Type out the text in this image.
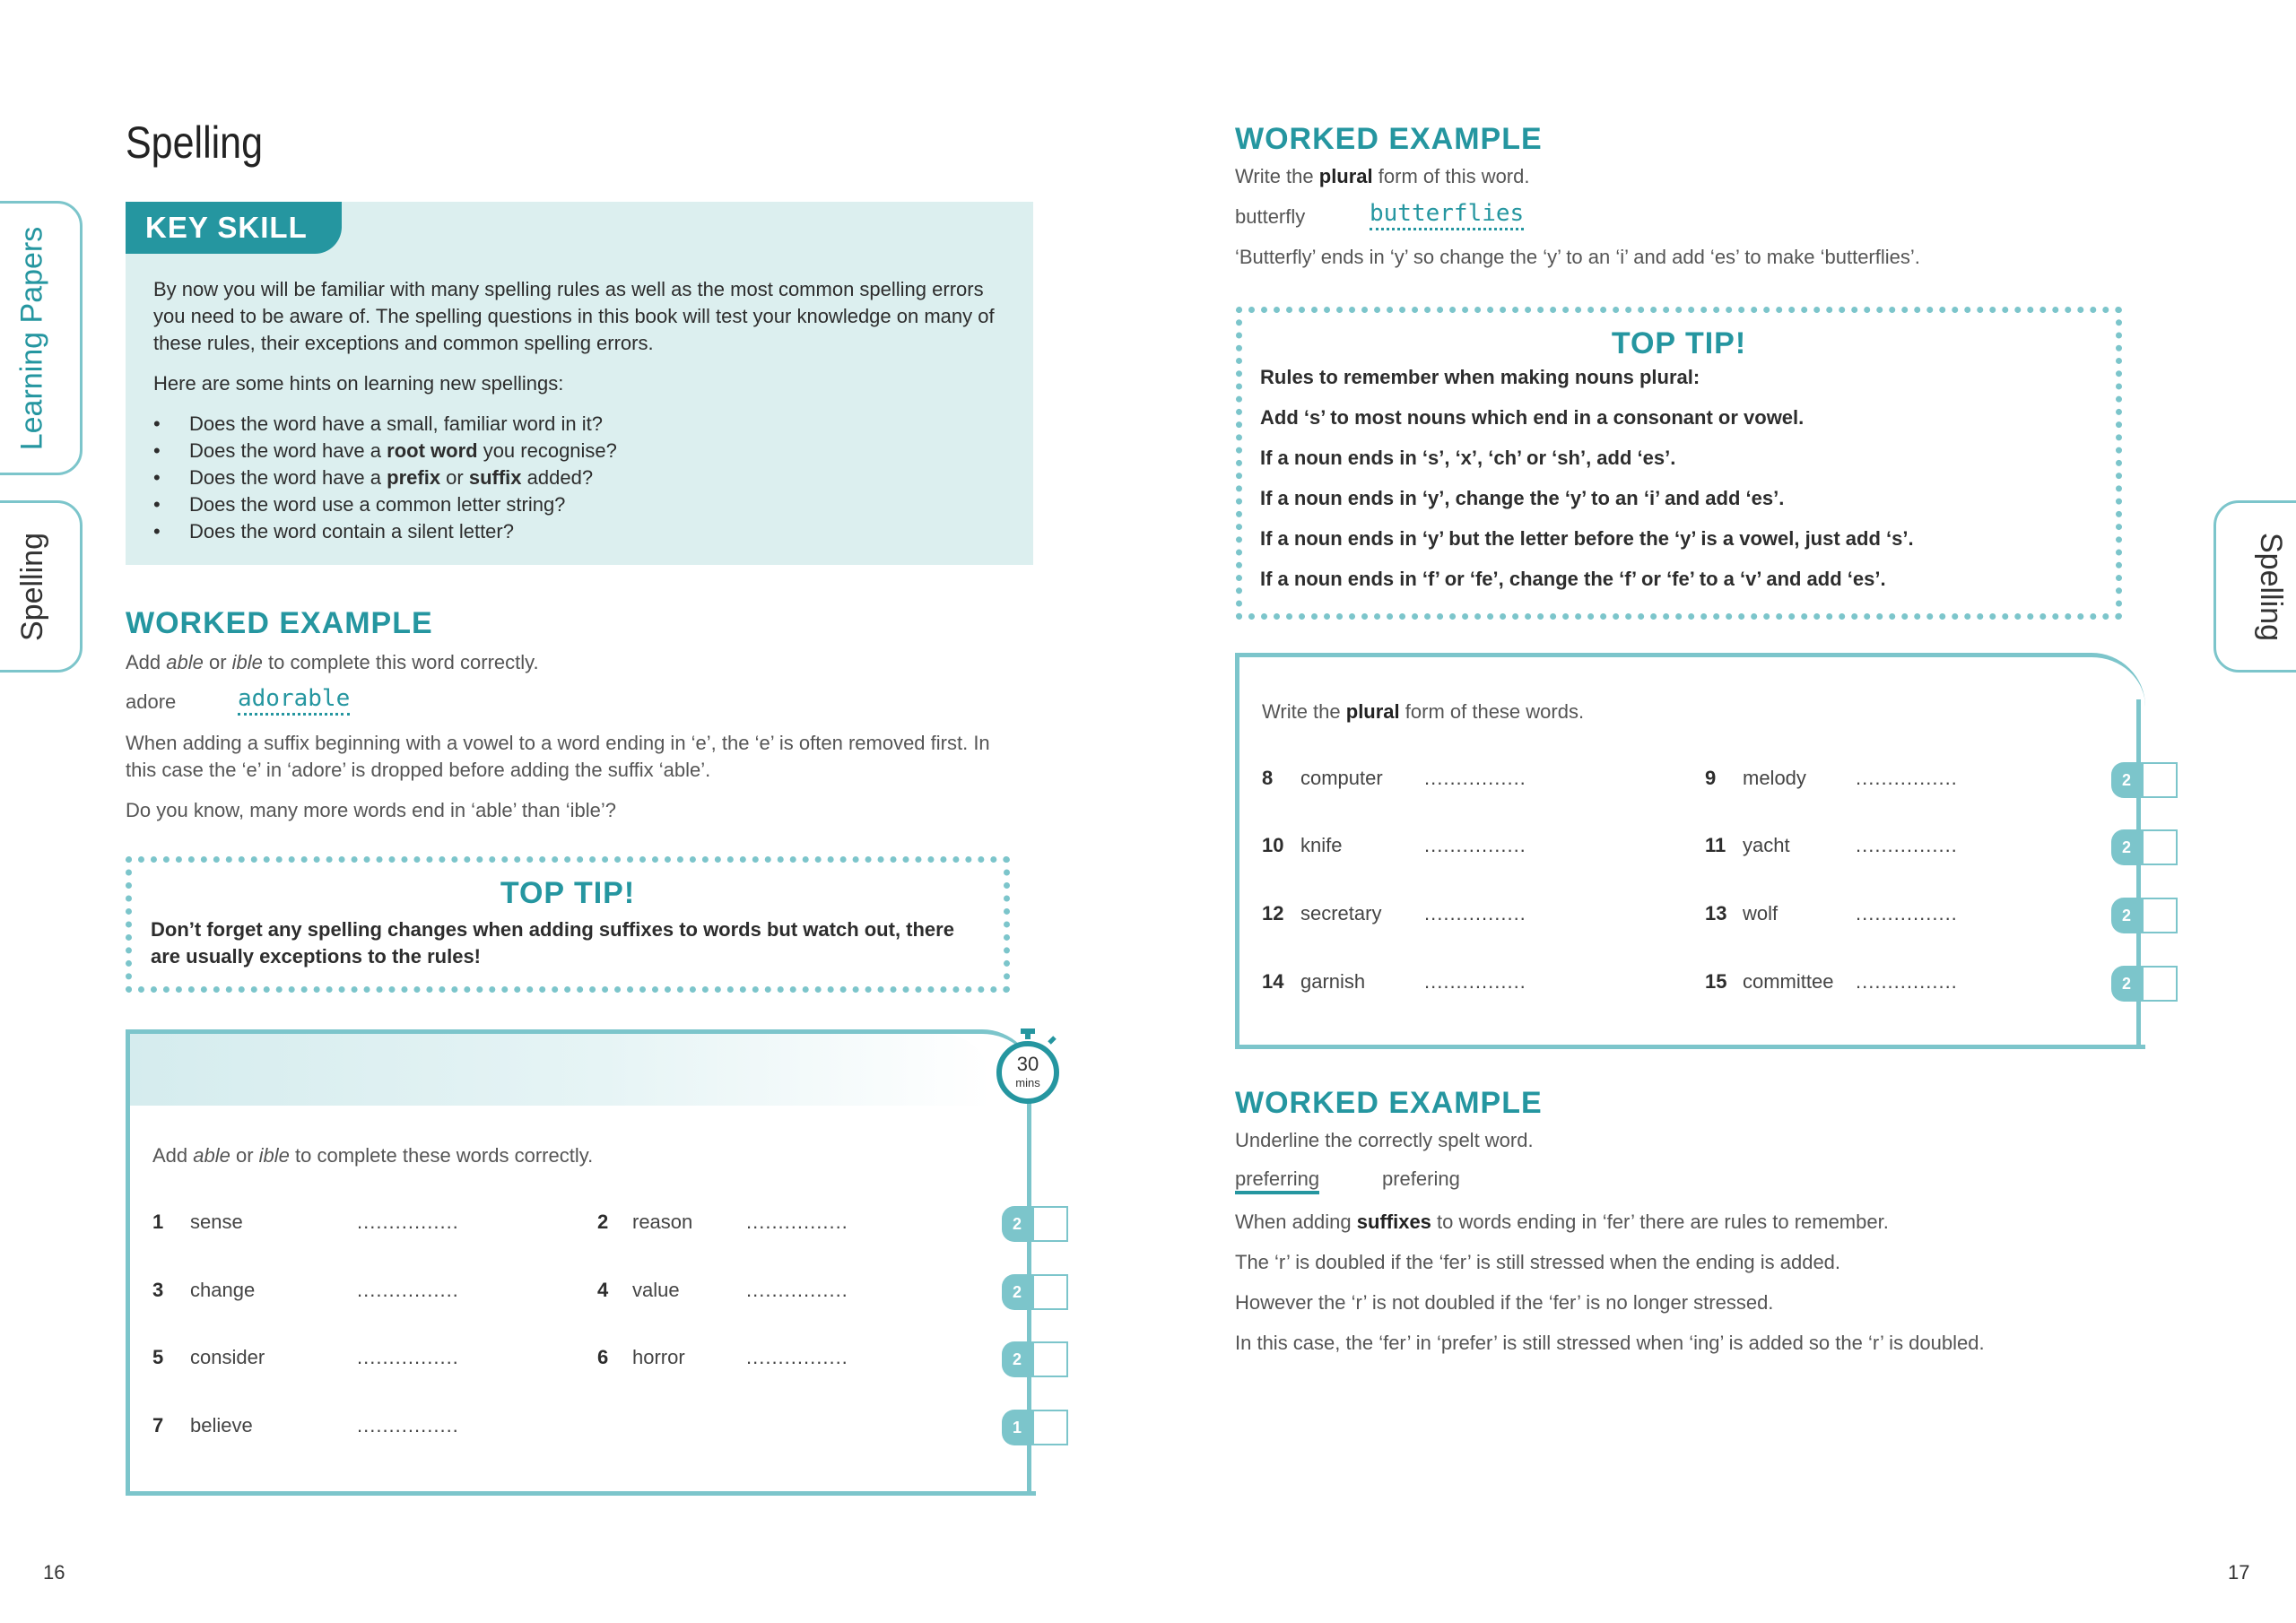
Learning Papers
Spelling	Spelling
Spelling
KEY SKILL
By now you will be familiar with many spelling rules as well as the most common spelling errors you need to be aware of. The spelling questions in this book will test your knowledge on many of these rules, their exceptions and common spelling errors.
Here are some hints on learning new spellings:
• Does the word have a small, familiar word in it?
• Does the word have a root word you recognise?
• Does the word have a prefix or suffix added?
• Does the word use a common letter string?
• Does the word contain a silent letter?
WORKED EXAMPLE
Add able or ible to complete this word correctly.
adore	adorable
When adding a suffix beginning with a vowel to a word ending in ‘e’, the ‘e’ is often removed first. In this case the ‘e’ in ‘adore’ is dropped before adding the suffix ‘able’.
Do you know, many more words end in ‘able’ than ‘ible’?
TOP TIP!
Don’t forget any spelling changes when adding suffixes to words but watch out, there are usually exceptions to the rules!
30
mins
Add able or ible to complete these words correctly.
1 sense	................	2 reason	................
3 change	................	4 value	................
5 consider	................	6 horror	................
7 believe	................
2
2
2
1
16
WORKED EXAMPLE
Write the plural form of this word.
butterfly	butterflies
‘Butterfly’ ends in ‘y’ so change the ‘y’ to an ‘i’ and add ‘es’ to make ‘butterflies’.
TOP TIP!
Rules to remember when making nouns plural:
Add ‘s’ to most nouns which end in a consonant or vowel.
If a noun ends in ‘s’, ‘x’, ‘ch’ or ‘sh’, add ‘es’.
If a noun ends in ‘y’, change the ‘y’ to an ‘i’ and add ‘es’.
If a noun ends in ‘y’ but the letter before the ‘y’ is a vowel, just add ‘s’.
If a noun ends in ‘f’ or ‘fe’, change the ‘f’ or ‘fe’ to a ‘v’ and add ‘es’.
Write the plural form of these words.
8 computer ................	9 melody	................
10 knife	................	11 yacht	................
12 secretary ................	13 wolf	................
14 garnish	................	15 committee ................
2
2
2
2
WORKED EXAMPLE
Underline the correctly spelt word.
preferring	prefering
When adding suffixes to words ending in ‘fer’ there are rules to remember.
The ‘r’ is doubled if the ‘fer’ is still stressed when the ending is added.
However the ‘r’ is not doubled if the ‘fer’ is no longer stressed.
In this case, the ‘fer’ in ‘prefer’ is still stressed when ‘ing’ is added so the ‘r’ is doubled.
17
